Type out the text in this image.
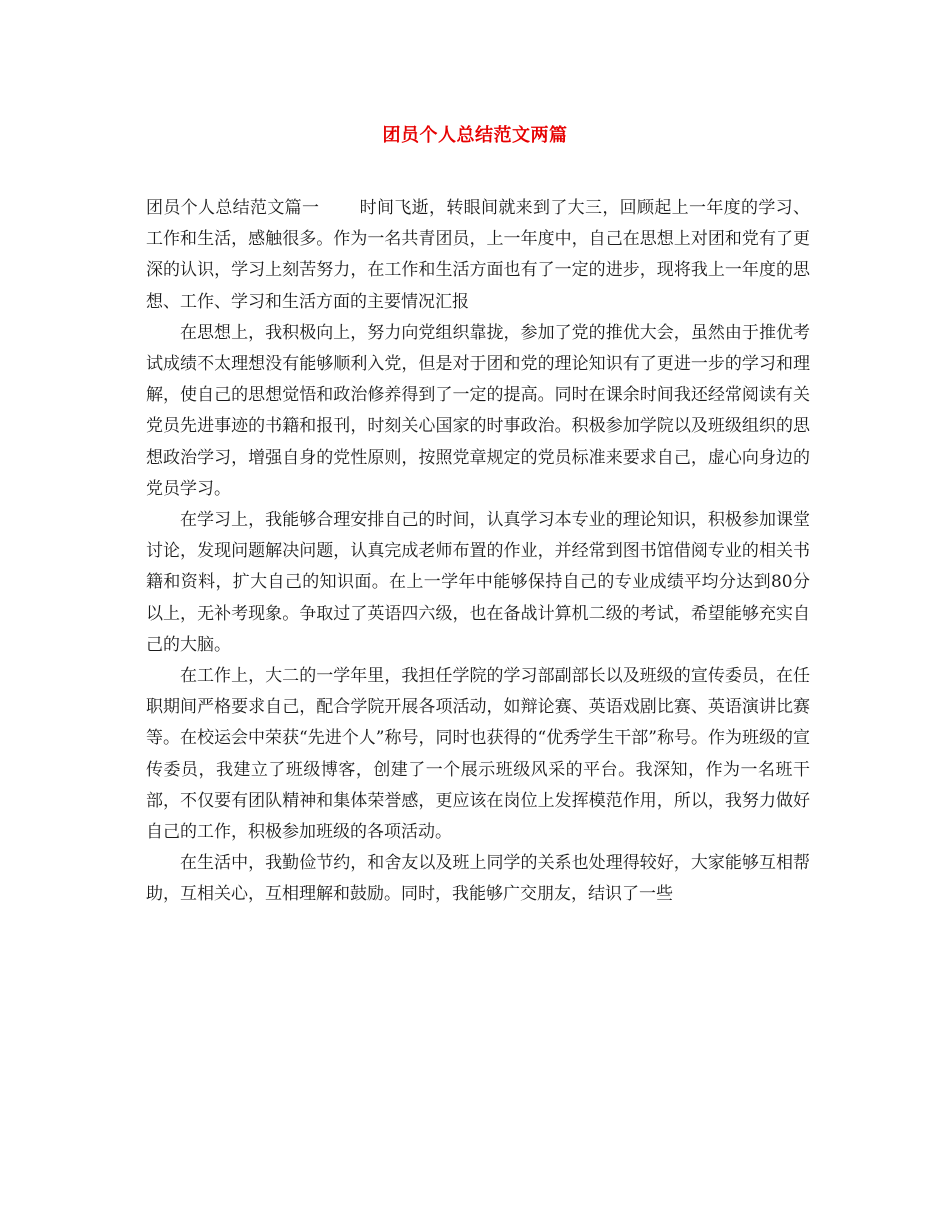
团员个人总结范文两篇

团员个人总结范文篇一 时间飞逝，转眼间就来到了大三，回顾起上一年度的学习、工作和生活，感触很多。作为一名共青团员，上一年度中，自己在思想上对团和党有了更深的认识，学习上刻苦努力，在工作和生活方面也有了一定的进步，现将我上一年度的思想、工作、学习和生活方面的主要情况汇报

在思想上，我积极向上，努力向党组织靠拢，参加了党的推优大会，虽然由于推优考试成绩不太理想没有能够顺利入党，但是对于团和党的理论知识有了更进一步的学习和理解，使自己的思想觉悟和政治修养得到了一定的提高。同时在课余时间我还经常阅读有关党员先进事迹的书籍和报刊，时刻关心国家的时事政治。积极参加学院以及班级组织的思想政治学习，增强自身的党性原则，按照党章规定的党员标准来要求自己，虚心向身边的党员学习。

在学习上，我能够合理安排自己的时间，认真学习本专业的理论知识，积极参加课堂讨论，发现问题解决问题，认真完成老师布置的作业，并经常到图书馆借阅专业的相关书籍和资料，扩大自己的知识面。在上一学年中能够保持自己的专业成绩平均分达到80分以上，无补考现象。争取过了英语四六级，也在备战计算机二级的考试，希望能够充实自己的大脑。

在工作上，大二的一学年里，我担任学院的学习部副部长以及班级的宣传委员，在任职期间严格要求自己，配合学院开展各项活动，如辩论赛、英语戏剧比赛、英语演讲比赛等。在校运会中荣获“先进个人”称号，同时也获得的“优秀学生干部”称号。作为班级的宣传委员，我建立了班级博客，创建了一个展示班级风采的平台。我深知，作为一名班干部，不仅要有团队精神和集体荣誉感，更应该在岗位上发挥模范作用，所以，我努力做好自己的工作，积极参加班级的各项活动。

在生活中，我勤俭节约，和舍友以及班上同学的关系也处理得较好，大家能够互相帮助，互相关心，互相理解和鼓励。同时，我能够广交朋友，结识了一些
